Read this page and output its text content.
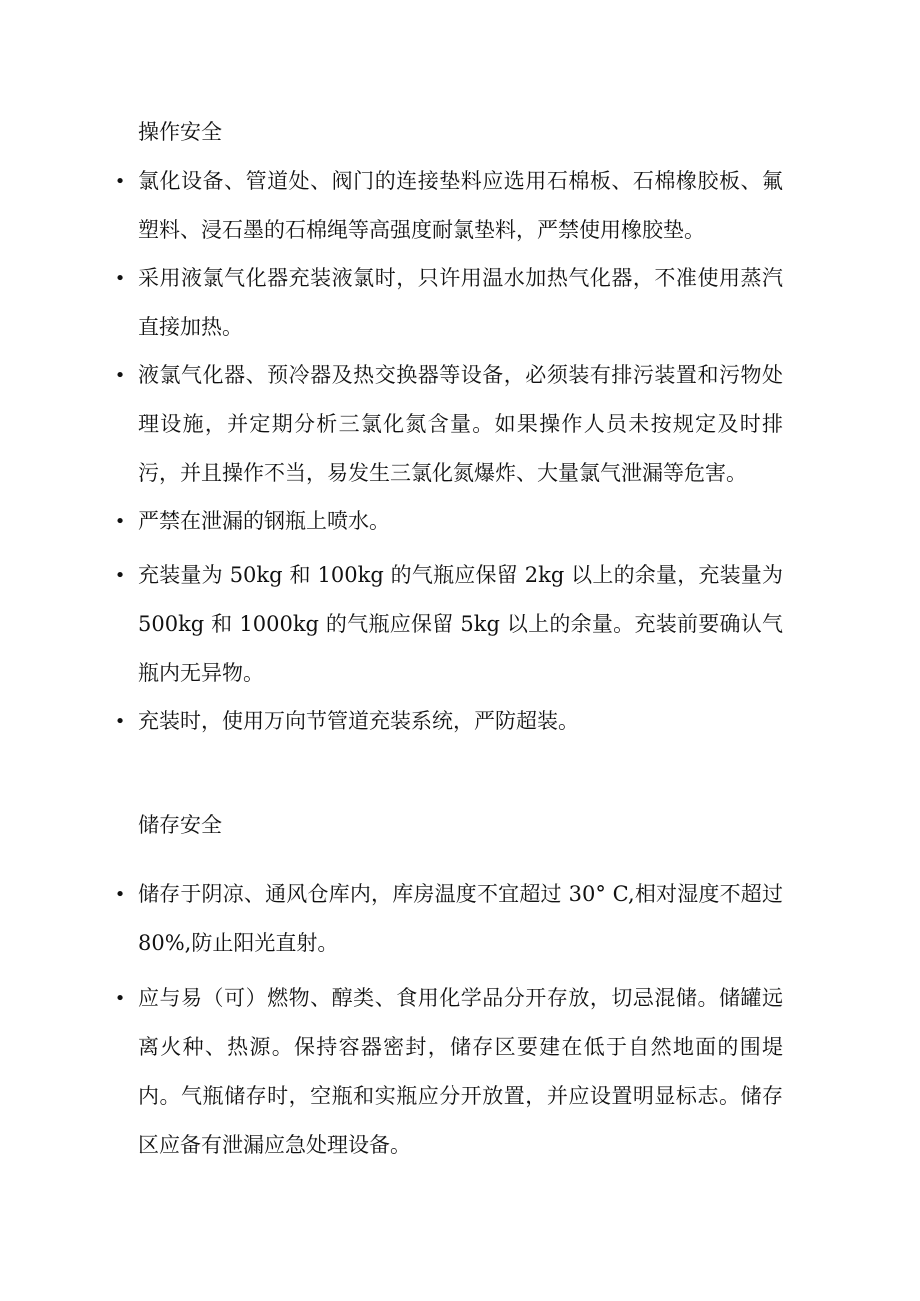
操作安全
• 氯化设备、管道处、阀门的连接垫料应选用石棉板、石棉橡胶板、氟塑料、浸石墨的石棉绳等高强度耐氯垫料，严禁使用橡胶垫。
• 采用液氯气化器充装液氯时，只许用温水加热气化器，不准使用蒸汽直接加热。
• 液氯气化器、预冷器及热交换器等设备，必须装有排污装置和污物处理设施，并定期分析三氯化氮含量。如果操作人员未按规定及时排污，并且操作不当，易发生三氯化氮爆炸、大量氯气泄漏等危害。
• 严禁在泄漏的钢瓶上喷水。
• 充装量为 50kg 和 100kg 的气瓶应保留 2kg 以上的余量，充装量为 500kg 和 1000kg 的气瓶应保留 5kg 以上的余量。充装前要确认气瓶内无异物。
• 充装时，使用万向节管道充装系统，严防超装。
储存安全
• 储存于阴凉、通风仓库内，库房温度不宜超过 30° C,相对湿度不超过 80%,防止阳光直射。
• 应与易（可）燃物、醇类、食用化学品分开存放，切忌混储。储罐远离火种、热源。保持容器密封，储存区要建在低于自然地面的围堤内。气瓶储存时，空瓶和实瓶应分开放置，并应设置明显标志。储存区应备有泄漏应急处理设备。
